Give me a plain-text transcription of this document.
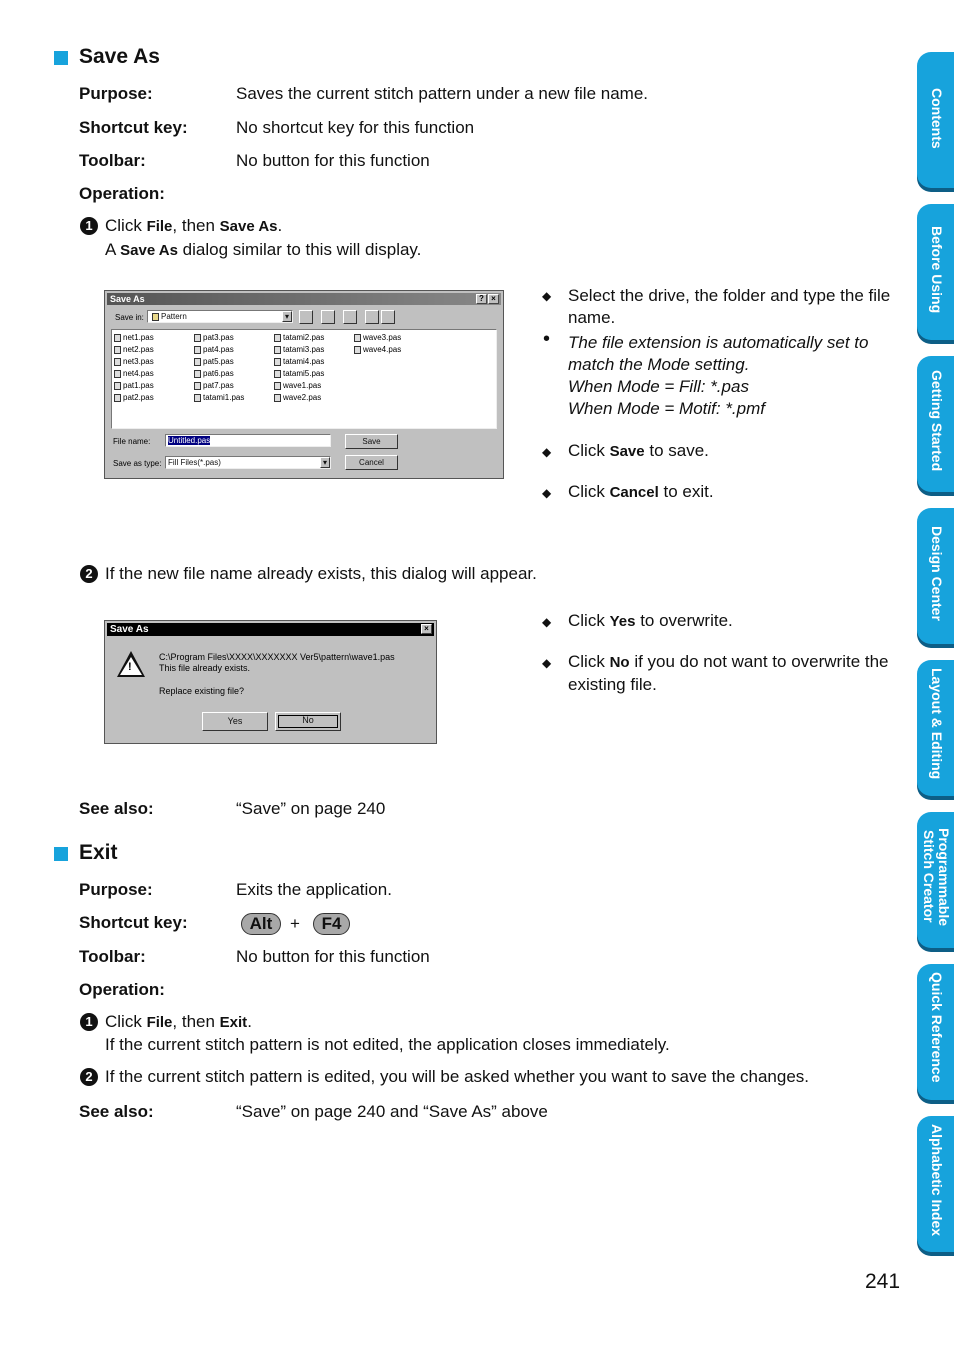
Save As
Purpose:	Saves the current stitch pattern under a new file name.
Shortcut key:	No shortcut key for this function
Toolbar:	No button for this function
Operation:
1 Click File, then Save As.
A Save As dialog similar to this will display.
Save As	? ×
Save in:	Pattern	▾
net1.pas
net2.pas
net3.pas
net4.pas
pat1.pas
pat2.pas
pat3.pas
pat4.pas
pat5.pas
pat6.pas
pat7.pas
tatami1.pas
tatami2.pas
tatami3.pas
tatami4.pas
tatami5.pas
wave1.pas
wave2.pas
wave3.pas
wave4.pas
File name:	Untitled.pas	Save
Save as type: Fill Files(*.pas)	▾	Cancel
◆ Select the drive, the folder and type the file name.
• The file extension is automatically set to match the Mode setting.
When Mode = Fill: *.pas
When Mode = Motif: *.pmf
◆ Click Save to save.
◆ Click Cancel to exit.
2 If the new file name already exists, this dialog will appear.
Save As	×
!
C:\Program Files\XXXX\XXXXXXX Ver5\pattern\wave1.pas
This file already exists.
Replace existing file?
Yes	No
◆ Click Yes to overwrite.
◆ Click No if you do not want to overwrite the existing file.
See also:	“Save” on page 240
Exit
Purpose:	Exits the application.
Shortcut key:	Alt	+	F4
Toolbar:	No button for this function
Operation:
1 Click File, then Exit.
If the current stitch pattern is not edited, the application closes immediately.
2 If the current stitch pattern is edited, you will be asked whether you want to save the changes.
See also:	“Save” on page 240 and “Save As” above
Contents
Before Using
Getting Started
Design Center
Layout & Editing
Programmable
Stitch Creator
Quick Reference
Alphabetic Index
241
